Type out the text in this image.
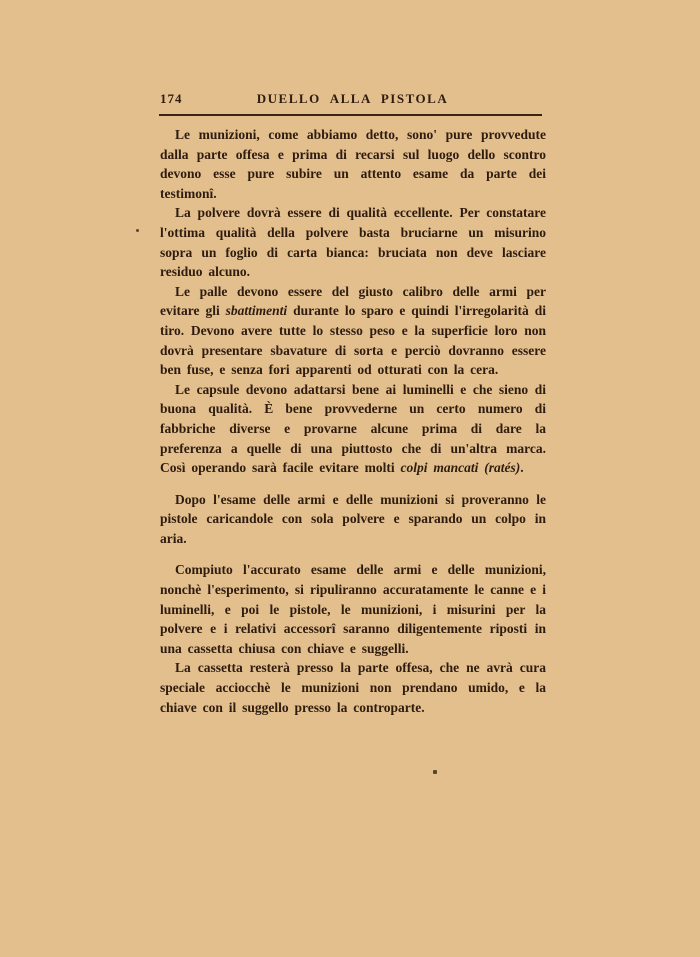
174	DUELLO ALLA PISTOLA

Le munizioni, come abbiamo detto, sono' pure provvedute dalla parte offesa e prima di recarsi sul luogo dello scontro devono esse pure subire un attento esame da parte dei testimonî.

La polvere dovrà essere di qualità eccellente. Per constatare l'ottima qualità della polvere basta bruciarne un misurino sopra un foglio di carta bianca: bruciata non deve lasciare residuo alcuno.

Le palle devono essere del giusto calibro delle armi per evitare gli sbattimenti durante lo sparo e quindi l'irregolarità di tiro. Devono avere tutte lo stesso peso e la superficie loro non dovrà presentare sbavature di sorta e perciò dovranno essere ben fuse, e senza fori apparenti od otturati con la cera.

Le capsule devono adattarsi bene ai luminelli e che sieno di buona qualità. È bene provvederne un certo numero di fabbriche diverse e provarne alcune prima di dare la preferenza a quelle di una piuttosto che di un'altra marca. Così operando sarà facile evitare molti colpi mancati (ratés).

Dopo l'esame delle armi e delle munizioni si proveranno le pistole caricandole con sola polvere e sparando un colpo in aria.

Compiuto l'accurato esame delle armi e delle munizioni, nonchè l'esperimento, si ripuliranno accuratamente le canne e i luminelli, e poi le pistole, le munizioni, i misurini per la polvere e i relativi accessorî saranno diligentemente riposti in una cassetta chiusa con chiave e suggelli.

La cassetta resterà presso la parte offesa, che ne avrà cura speciale acciocchè le munizioni non prendano umido, e la chiave con il suggello presso la controparte.
